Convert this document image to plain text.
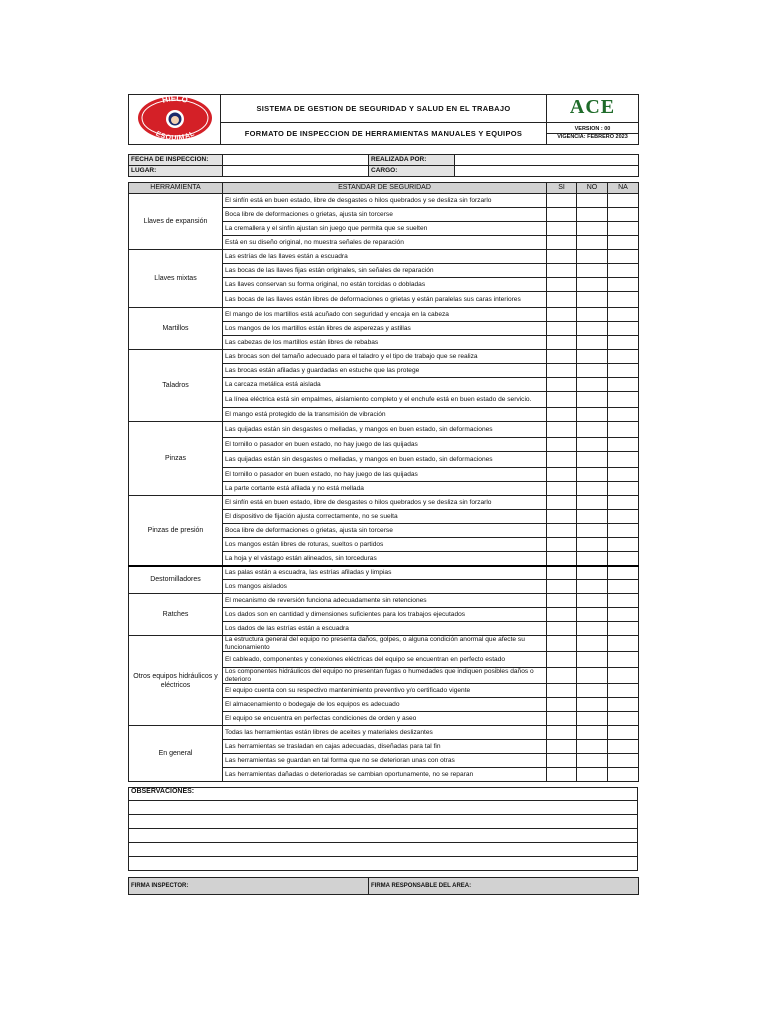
HIELO
ESQUIMAL
	SISTEMA DE GESTION DE SEGURIDAD Y SALUD EN EL TRABAJO	ACE

FORMATO DE INSPECCION DE HERRAMIENTAS MANUALES Y EQUIPOS		VERSION : 00
VIGENCIA: FEBRERO 2023
FECHA DE INSPECCION:		REALIZADA POR:	
LUGAR:		CARGO:	
HERRAMIENTA	ESTANDAR DE SEGURIDAD	SI	NO	NA
Llaves de expansión	El sinfín está en buen estado, libre de desgastes o hilos quebrados y se desliza sin forzarlo			
	Boca libre de deformaciones o grietas, ajusta sin torcerse			
	La cremallera y el sinfín ajustan sin juego que permita que se suelten			
	Está en su diseño original, no muestra señales de reparación			
Llaves mixtas	Las estrías de las llaves están a escuadra			
	Las bocas de las llaves fijas están originales, sin señales de reparación			
	Las llaves conservan su forma original, no están torcidas o dobladas			
	Las bocas de las llaves están libres de deformaciones o grietas y están paralelas sus caras interiores			
Martillos	El mango de los martillos está acuñado con seguridad y encaja en la cabeza			
	Los mangos de los martillos están libres de asperezas y astillas			
	Las cabezas de los martillos están libres de rebabas			
Taladros	Las brocas son del tamaño adecuado para el taladro y el tipo de trabajo que se realiza			
	Las brocas están afiladas y guardadas en estuche que las protege			
	La carcaza metálica está aislada			
	La línea eléctrica está sin empalmes, aislamiento completo y el enchufe está en buen estado de servicio.			
	El mango está protegido de la transmisión de vibración			
Pinzas	Las quijadas están sin desgastes o melladas, y mangos en buen estado, sin deformaciones			
	El tornillo o pasador en buen estado, no hay juego de las quijadas			
	Las quijadas están sin desgastes o melladas, y mangos en buen estado, sin deformaciones			
	El tornillo o pasador en buen estado, no hay juego de las quijadas			
	La parte cortante está afilada y no está mellada			
Pinzas de presión	El sinfín está en buen estado, libre de desgastes o hilos quebrados y se desliza sin forzarlo			
	El dispositivo de fijación ajusta correctamente, no se suelta			
	Boca libre de deformaciones o grietas, ajusta sin torcerse			
	Los mangos están libres de roturas, sueltos o partidos			
	La hoja y el vástago están alineados, sin torceduras			
Destornilladores	Las palas están a escuadra, las estrías afiladas y limpias			
	Los mangos aislados			
Ratches	El mecanismo de reversión funciona adecuadamente sin retenciones			
	Los dados son en cantidad y dimensiones suficientes para los trabajos ejecutados			
	Los dados de las estrías están a escuadra			
Otros equipos hidráulicos y eléctricos	La estructura general del equipo no presenta daños, golpes, o alguna condición anormal que afecte su funcionamiento			
	El cableado, componentes y conexiones eléctricas del equipo se encuentran en perfecto estado			
	Los componentes hidráulicos del equipo no presentan fugas o humedades que indiquen posibles daños o deterioro			
	El equipo cuenta con su respectivo mantenimiento preventivo y/o certificado vigente			
	El almacenamiento o bodegaje de los equipos es adecuado			
	El equipo se encuentra en perfectas condiciones de orden y aseo			
En general	Todas las herramientas están libres de aceites y materiales deslizantes			
	Las herramientas se trasladan en cajas adecuadas, diseñadas para tal fin			
	Las herramientas se guardan en tal forma que no se deterioran unas con otras			
	Las herramientas dañadas o deterioradas se cambian oportunamente, no se reparan			
OBSERVACIONES:

FIRMA INSPECTOR:	FIRMA RESPONSABLE DEL AREA:
